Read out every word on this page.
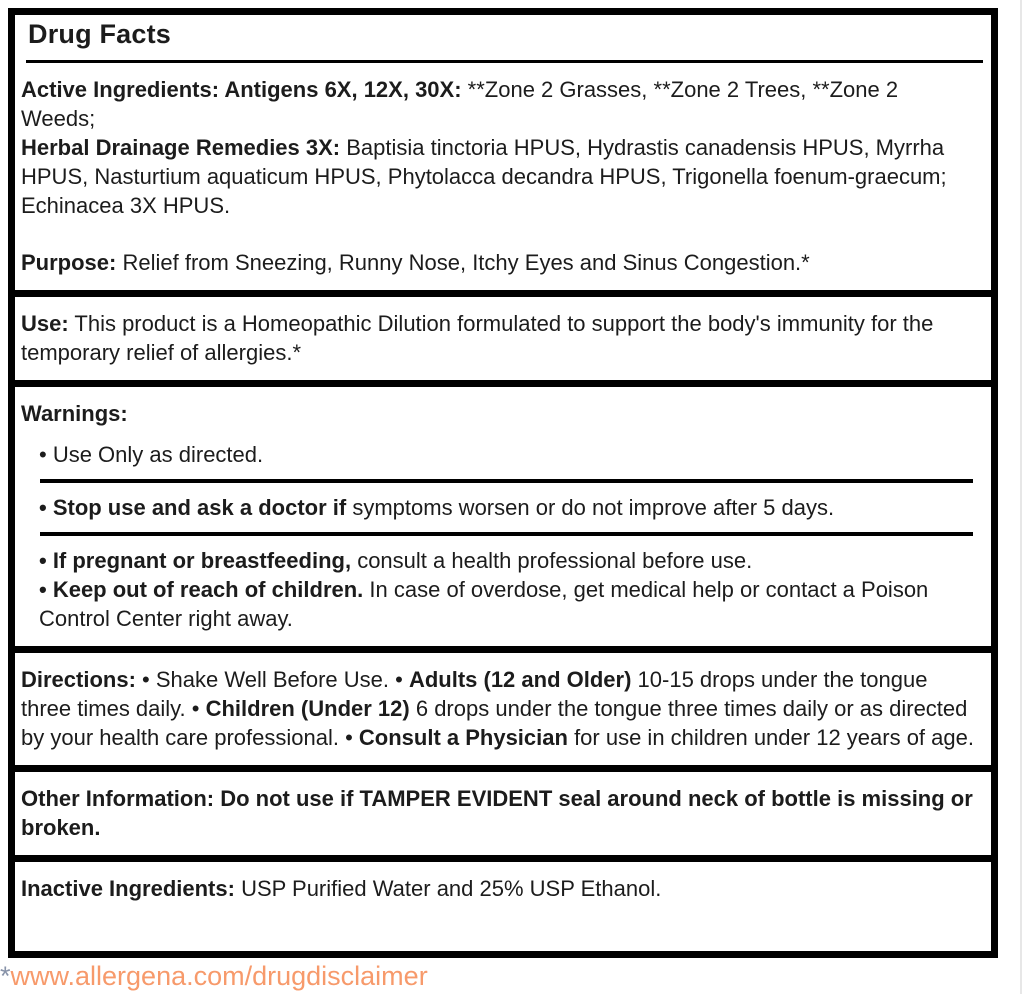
Drug Facts

Active Ingredients: Antigens 6X, 12X, 30X: **Zone 2 Grasses, **Zone 2 Trees, **Zone 2 Weeds;

Herbal Drainage Remedies 3X: Baptisia tinctoria HPUS, Hydrastis canadensis HPUS, Myrrha HPUS, Nasturtium aquaticum HPUS, Phytolacca decandra HPUS, Trigonella foenum-graecum; Echinacea 3X HPUS.

Purpose: Relief from Sneezing, Runny Nose, Itchy Eyes and Sinus Congestion.*

Use: This product is a Homeopathic Dilution formulated to support the body's immunity for the temporary relief of allergies.*

Warnings:

• Use Only as directed.

• Stop use and ask a doctor if symptoms worsen or do not improve after 5 days.

• If pregnant or breastfeeding, consult a health professional before use.

• Keep out of reach of children. In case of overdose, get medical help or contact a Poison Control Center right away.

Directions: • Shake Well Before Use. • Adults (12 and Older) 10-15 drops under the tongue three times daily. • Children (Under 12) 6 drops under the tongue three times daily or as directed by your health care professional. • Consult a Physician for use in children under 12 years of age.

Other Information: Do not use if TAMPER EVIDENT seal around neck of bottle is missing or broken.

Inactive Ingredients: USP Purified Water and 25% USP Ethanol.

*www.allergena.com/drugdisclaimer
